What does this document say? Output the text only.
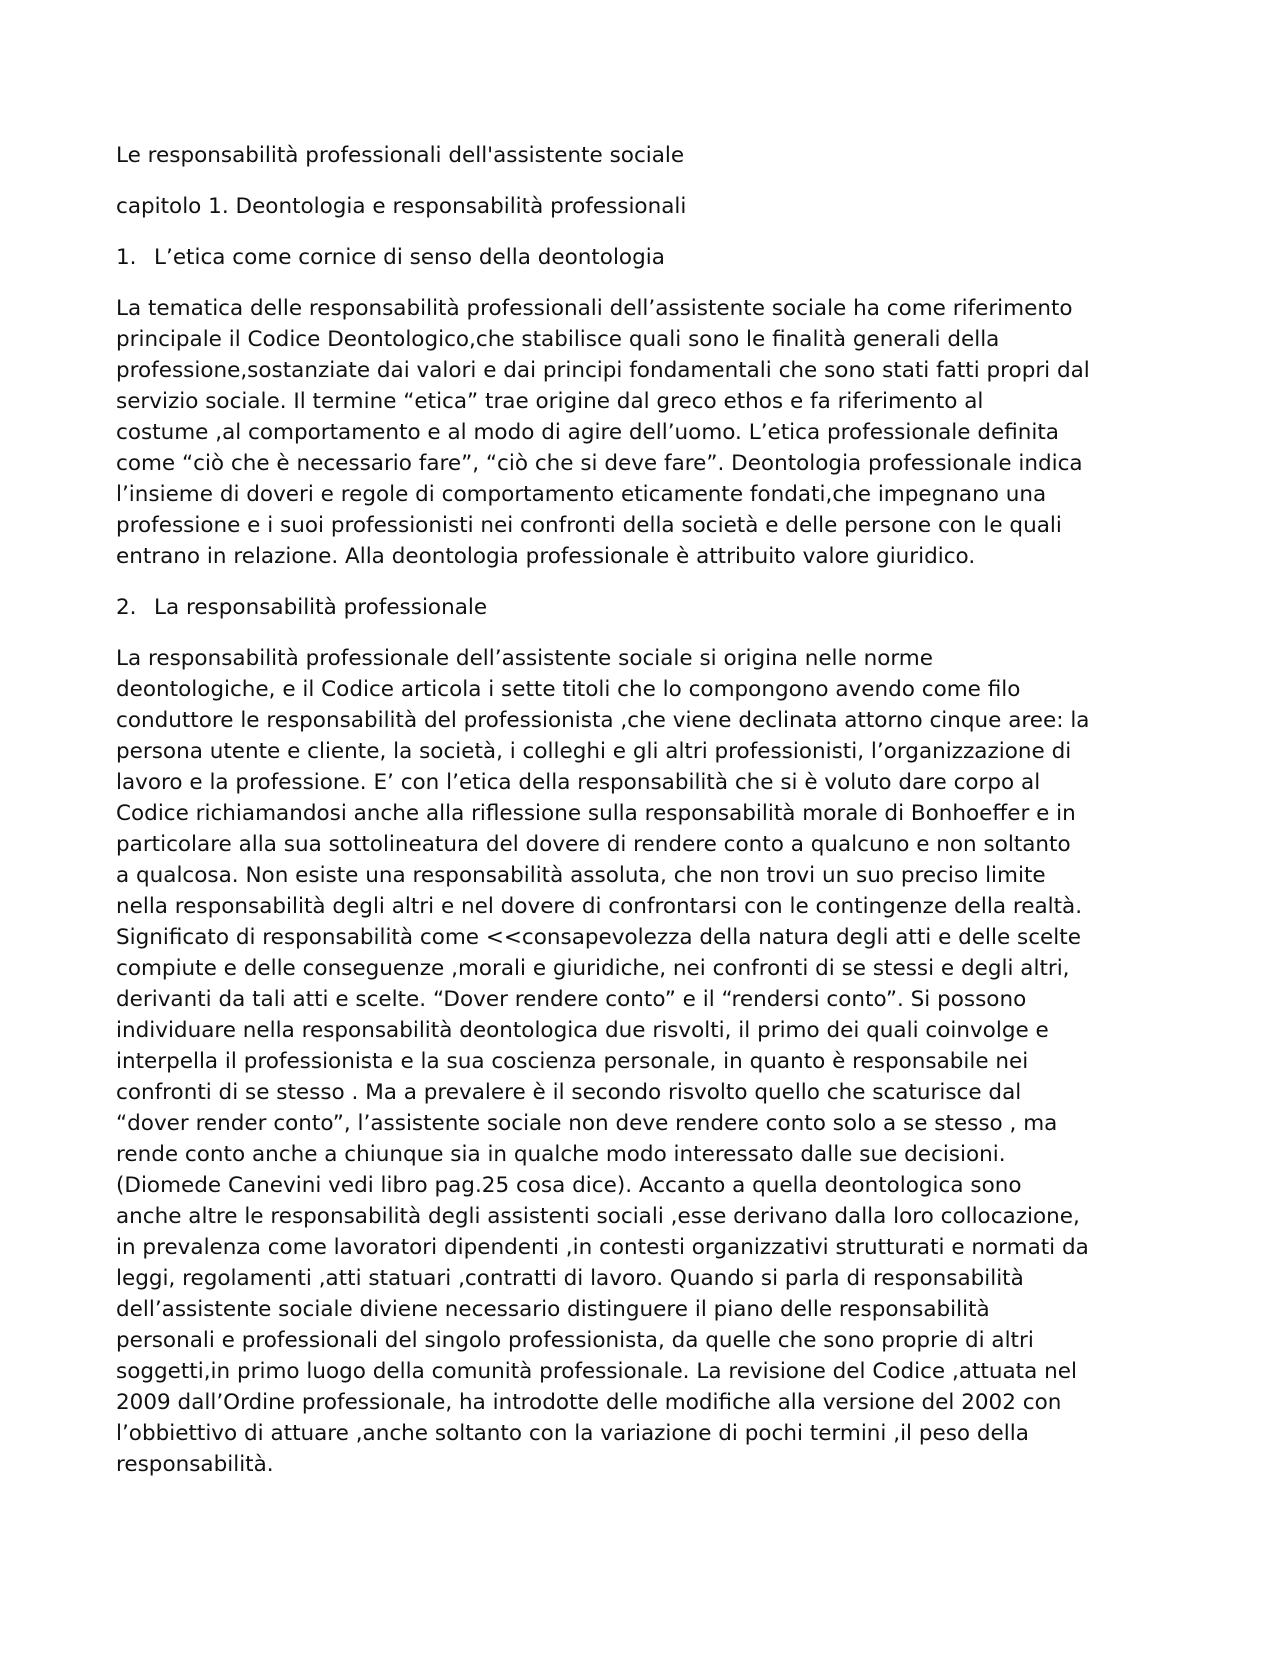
Le responsabilità professionali dell'assistente sociale
capitolo 1. Deontologia e responsabilità professionali
1. L’etica come cornice di senso della deontologia
La tematica delle responsabilità professionali dell’assistente sociale ha come riferimento
principale il Codice Deontologico,che stabilisce quali sono le finalità generali della
professione,sostanziate dai valori e dai principi fondamentali che sono stati fatti propri dal
servizio sociale. Il termine “etica” trae origine dal greco ethos e fa riferimento al
costume ,al comportamento e al modo di agire dell’uomo. L’etica professionale definita
come “ciò che è necessario fare”, “ciò che si deve fare”. Deontologia professionale indica
l’insieme di doveri e regole di comportamento eticamente fondati,che impegnano una
professione e i suoi professionisti nei confronti della società e delle persone con le quali
entrano in relazione. Alla deontologia professionale è attribuito valore giuridico.
2. La responsabilità professionale
La responsabilità professionale dell’assistente sociale si origina nelle norme
deontologiche, e il Codice articola i sette titoli che lo compongono avendo come filo
conduttore le responsabilità del professionista ,che viene declinata attorno cinque aree: la
persona utente e cliente, la società, i colleghi e gli altri professionisti, l’organizzazione di
lavoro e la professione. E’ con l’etica della responsabilità che si è voluto dare corpo al
Codice richiamandosi anche alla riflessione sulla responsabilità morale di Bonhoeffer e in
particolare alla sua sottolineatura del dovere di rendere conto a qualcuno e non soltanto
a qualcosa. Non esiste una responsabilità assoluta, che non trovi un suo preciso limite
nella responsabilità degli altri e nel dovere di confrontarsi con le contingenze della realtà.
Significato di responsabilità come <<consapevolezza della natura degli atti e delle scelte
compiute e delle conseguenze ,morali e giuridiche, nei confronti di se stessi e degli altri,
derivanti da tali atti e scelte. “Dover rendere conto” e il “rendersi conto”. Si possono
individuare nella responsabilità deontologica due risvolti, il primo dei quali coinvolge e
interpella il professionista e la sua coscienza personale, in quanto è responsabile nei
confronti di se stesso . Ma a prevalere è il secondo risvolto quello che scaturisce dal
“dover render conto”, l’assistente sociale non deve rendere conto solo a se stesso , ma
rende conto anche a chiunque sia in qualche modo interessato dalle sue decisioni.
(Diomede Canevini vedi libro pag.25 cosa dice). Accanto a quella deontologica sono
anche altre le responsabilità degli assistenti sociali ,esse derivano dalla loro collocazione,
in prevalenza come lavoratori dipendenti ,in contesti organizzativi strutturati e normati da
leggi, regolamenti ,atti statuari ,contratti di lavoro. Quando si parla di responsabilità
dell’assistente sociale diviene necessario distinguere il piano delle responsabilità
personali e professionali del singolo professionista, da quelle che sono proprie di altri
soggetti,in primo luogo della comunità professionale. La revisione del Codice ,attuata nel
2009 dall’Ordine professionale, ha introdotte delle modifiche alla versione del 2002 con
l’obbiettivo di attuare ,anche soltanto con la variazione di pochi termini ,il peso della
responsabilità.
